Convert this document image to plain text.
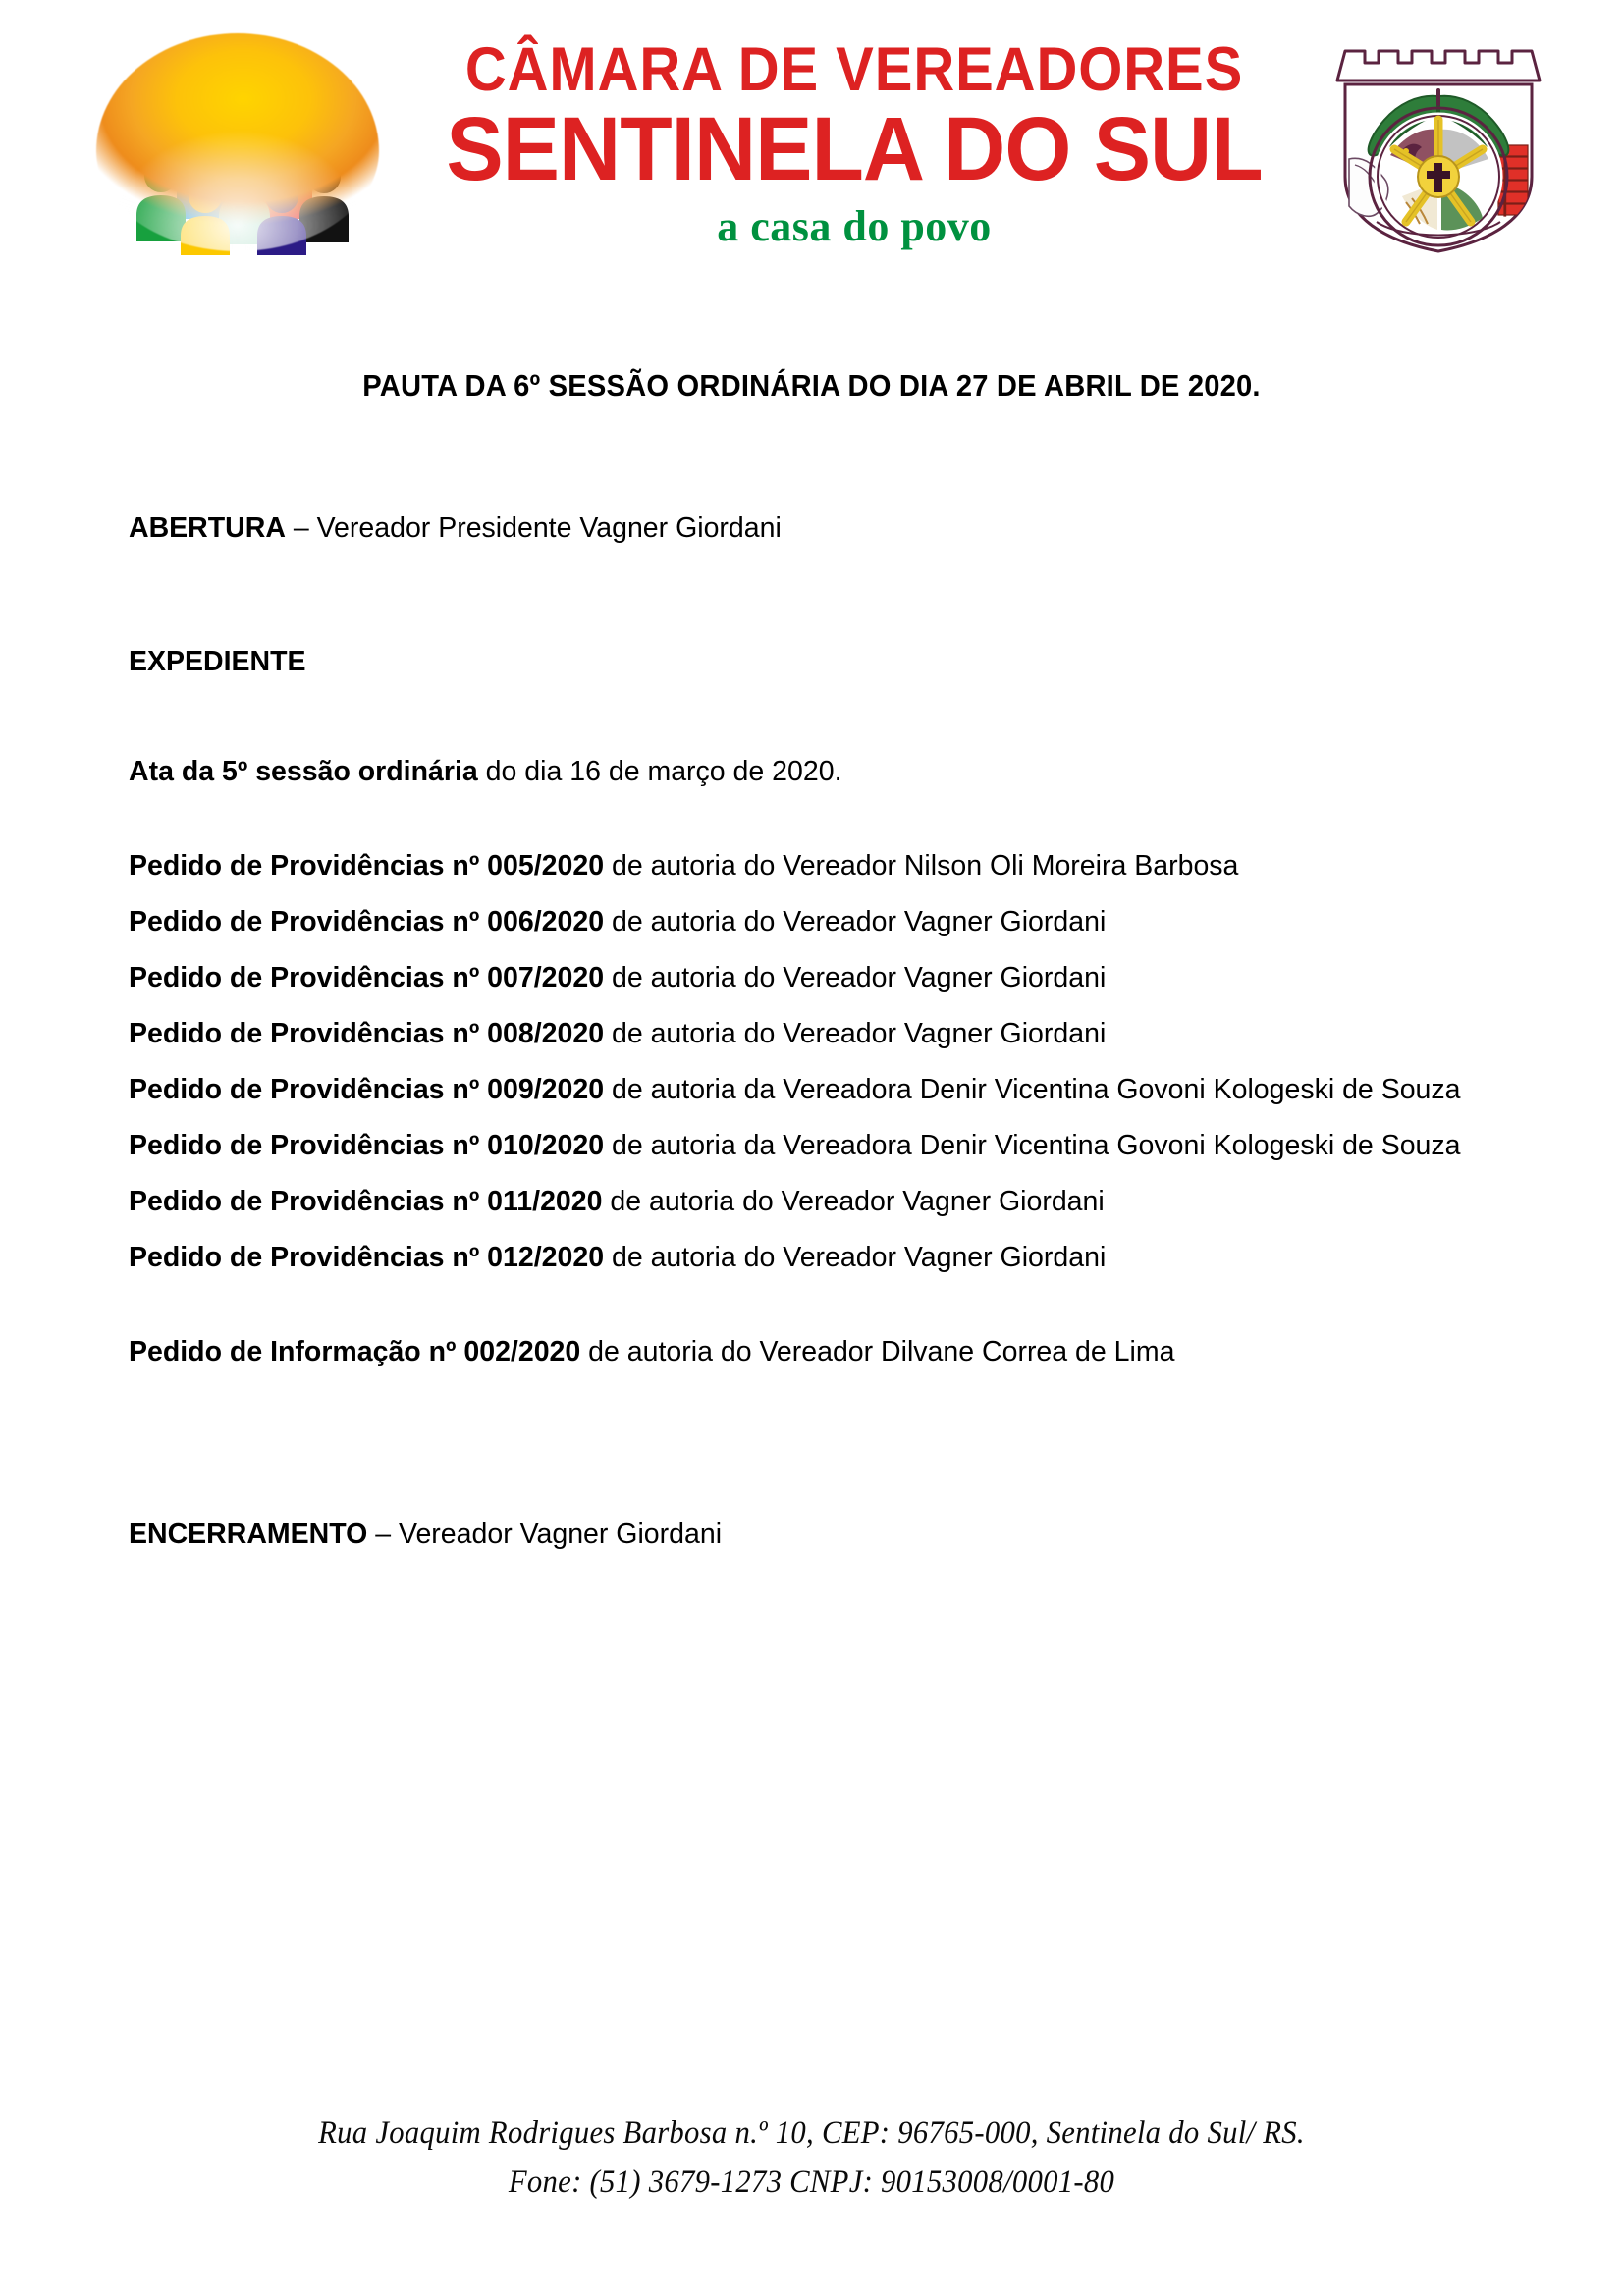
CÂMARA DE VEREADORES
SENTINELA DO SUL
a casa do povo
PAUTA DA 6º SESSÃO ORDINÁRIA DO DIA 27 DE ABRIL DE 2020.

ABERTURA – Vereador Presidente Vagner Giordani

EXPEDIENTE

Ata da 5º sessão ordinária do dia 16 de março de 2020.

Pedido de Providências nº 005/2020 de autoria do Vereador Nilson Oli Moreira Barbosa

Pedido de Providências nº 006/2020 de autoria do Vereador Vagner Giordani

Pedido de Providências nº 007/2020 de autoria do Vereador Vagner Giordani

Pedido de Providências nº 008/2020 de autoria do Vereador Vagner Giordani

Pedido de Providências nº 009/2020 de autoria da Vereadora Denir Vicentina Govoni Kologeski de Souza

Pedido de Providências nº 010/2020 de autoria da Vereadora Denir Vicentina Govoni Kologeski de Souza

Pedido de Providências nº 011/2020 de autoria do Vereador Vagner Giordani

Pedido de Providências nº 012/2020 de autoria do Vereador Vagner Giordani

Pedido de Informação nº 002/2020 de autoria do Vereador Dilvane Correa de Lima

ENCERRAMENTO – Vereador Vagner Giordani

Rua Joaquim Rodrigues Barbosa n.º 10, CEP: 96765-000, Sentinela do Sul/ RS.
Fone: (51) 3679-1273 CNPJ: 90153008/0001-80
